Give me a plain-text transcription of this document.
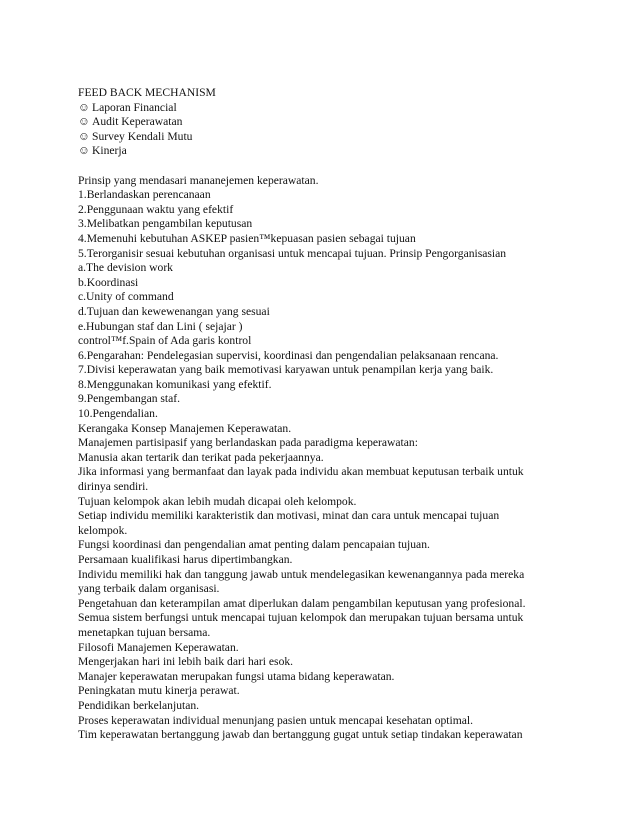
FEED BACK MECHANISM
☺ Laporan Financial
☺ Audit Keperawatan
☺ Survey Kendali Mutu
☺ Kinerja
Prinsip yang mendasari mananejemen keperawatan.
1.Berlandaskan perencanaan
2.Penggunaan waktu yang efektif
3.Melibatkan pengambilan keputusan
4.Memenuhi kebutuhan ASKEP pasien™kepuasan pasien sebagai tujuan
5.Terorganisir sesuai kebutuhan organisasi untuk mencapai tujuan. Prinsip Pengorganisasian
a.The devision work
b.Koordinasi
c.Unity of command
d.Tujuan dan kewewenangan yang sesuai
e.Hubungan staf dan Lini ( sejajar )
control™f.Spain of Ada garis kontrol
6.Pengarahan: Pendelegasian supervisi, koordinasi dan pengendalian pelaksanaan rencana.
7.Divisi keperawatan yang baik memotivasi karyawan untuk penampilan kerja yang baik.
8.Menggunakan komunikasi yang efektif.
9.Pengembangan staf.
10.Pengendalian.
Kerangaka Konsep Manajemen Keperawatan.
Manajemen partisipasif yang berlandaskan pada paradigma keperawatan:
Manusia akan tertarik dan terikat pada pekerjaannya.
Jika informasi yang bermanfaat dan layak pada individu akan membuat keputusan terbaik untuk
dirinya sendiri.
Tujuan kelompok akan lebih mudah dicapai oleh kelompok.
Setiap individu memiliki karakteristik dan motivasi, minat dan cara untuk mencapai tujuan
kelompok.
Fungsi koordinasi dan pengendalian amat penting dalam pencapaian tujuan.
Persamaan kualifikasi harus dipertimbangkan.
Individu memiliki hak dan tanggung jawab untuk mendelegasikan kewenangannya pada mereka
yang terbaik dalam organisasi.
Pengetahuan dan keterampilan amat diperlukan dalam pengambilan keputusan yang profesional.
Semua sistem berfungsi untuk mencapai tujuan kelompok dan merupakan tujuan bersama untuk
menetapkan tujuan bersama.
Filosofi Manajemen Keperawatan.
Mengerjakan hari ini lebih baik dari hari esok.
Manajer keperawatan merupakan fungsi utama bidang keperawatan.
Peningkatan mutu kinerja perawat.
Pendidikan berkelanjutan.
Proses keperawatan individual menunjang pasien untuk mencapai kesehatan optimal.
Tim keperawatan bertanggung jawab dan bertanggung gugat untuk setiap tindakan keperawatan
